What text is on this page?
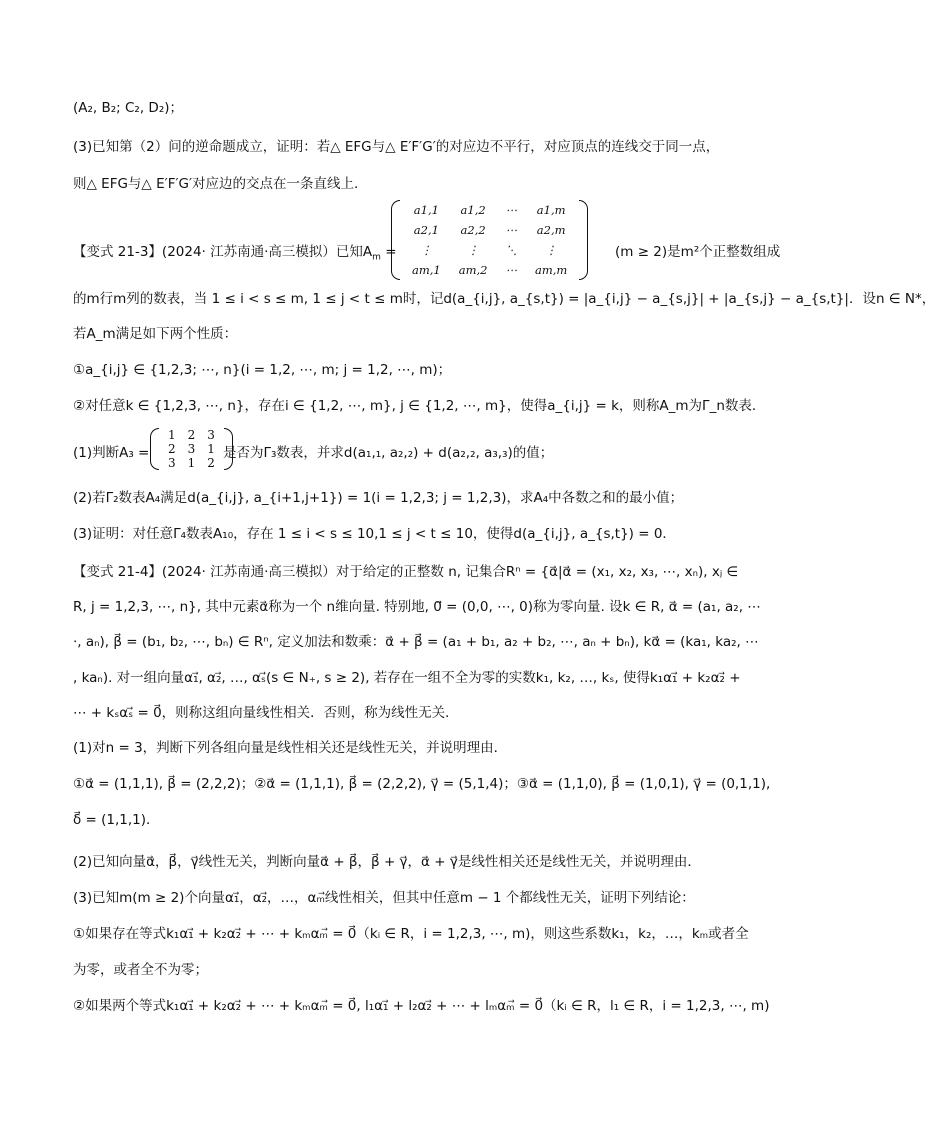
(A₂, B₂; C₂, D₂)；
(3)已知第（2）问的逆命题成立，证明：若△ EFG与△ E′F′G′的对应边不平行，对应顶点的连线交于同一点，
则△ EFG与△ E′F′G′对应边的交点在一条直线上．
【变式 21-3】(2024· 江苏南通·高三模拟）已知$A_m$ =
a1,1	a1,2	⋯	a1,m
a2,1	a2,2	⋯	a2,m
⋮	⋮	⋱	⋮
am,1	am,2	⋯	am,m
(m ≥ 2)是m²个正整数组成
的m行m列的数表，当 1 ≤ i < s ≤ m, 1 ≤ j < t ≤ m时，记d(a_{i,j}, a_{s,t}) = |a_{i,j} − a_{s,j}| + |a_{s,j} − a_{s,t}|．设n ∈ N*，
若A_m满足如下两个性质：
①a_{i,j} ∈ {1,2,3; ⋯, n}(i = 1,2, ⋯, m; j = 1,2, ⋯, m)；
②对任意k ∈ {1,2,3, ⋯, n}，存在i ∈ {1,2, ⋯, m}, j ∈ {1,2, ⋯, m}，使得a_{i,j} = k，则称A_m为Γ_n数表．
(1)判断A₃ =
1	2	3
2	3	1
3	1	2
是否为Γ₃数表，并求d(a₁,₁, a₂,₂) + d(a₂,₂, a₃,₃)的值；
(2)若Γ₂数表A₄满足d(a_{i,j}, a_{i+1,j+1}) = 1(i = 1,2,3; j = 1,2,3)，求A₄中各数之和的最小值；
(3)证明：对任意Γ₄数表A₁₀，存在 1 ≤ i < s ≤ 10,1 ≤ j < t ≤ 10，使得d(a_{i,j}, a_{s,t}) = 0．
【变式 21-4】(2024· 江苏南通·高三模拟）对于给定的正整数 n, 记集合Rⁿ = {α⃗|α⃗ = (x₁, x₂, x₃, ⋯, xₙ), xⱼ ∈
R, j = 1,2,3, ⋯, n}, 其中元素α⃗称为一个 n维向量. 特别地, 0⃗ = (0,0, ⋯, 0)称为零向量. 设k ∈ R, α⃗ = (a₁, a₂, ⋯
⋅, aₙ), β⃗ = (b₁, b₂, ⋯, bₙ) ∈ Rⁿ, 定义加法和数乘：α⃗ + β⃗ = (a₁ + b₁, a₂ + b₂, ⋯, aₙ + bₙ), kα⃗ = (ka₁, ka₂, ⋯
, kaₙ). 对一组向量α₁⃗, α₂⃗, …, αₛ⃗(s ∈ N₊, s ≥ 2), 若存在一组不全为零的实数k₁, k₂, …, kₛ, 使得k₁α₁⃗ + k₂α₂⃗ +
⋯ + kₛαₛ⃗ = 0⃗，则称这组向量线性相关．否则，称为线性无关．
(1)对n = 3，判断下列各组向量是线性相关还是线性无关，并说明理由．
①α⃗ = (1,1,1), β⃗ = (2,2,2)；②α⃗ = (1,1,1), β⃗ = (2,2,2), γ⃗ = (5,1,4)；③α⃗ = (1,1,0), β⃗ = (1,0,1), γ⃗ = (0,1,1),
δ⃗ = (1,1,1)．
(2)已知向量α⃗，β⃗，γ⃗线性无关，判断向量α⃗ + β⃗，β⃗ + γ⃗，α⃗ + γ⃗是线性相关还是线性无关，并说明理由．
(3)已知m(m ≥ 2)个向量α₁⃗，α₂⃗，…，αₘ⃗线性相关，但其中任意m − 1 个都线性无关，证明下列结论：
①如果存在等式k₁α₁⃗ + k₂α₂⃗ + ⋯ + kₘαₘ⃗ = 0⃗（kᵢ ∈ R，i = 1,2,3, ⋯, m)，则这些系数k₁，k₂，…，kₘ或者全
为零，或者全不为零；
②如果两个等式k₁α₁⃗ + k₂α₂⃗ + ⋯ + kₘαₘ⃗ = 0⃗, l₁α₁⃗ + l₂α₂⃗ + ⋯ + lₘαₘ⃗ = 0⃗（kᵢ ∈ R，l₁ ∈ R，i = 1,2,3, ⋯, m)
